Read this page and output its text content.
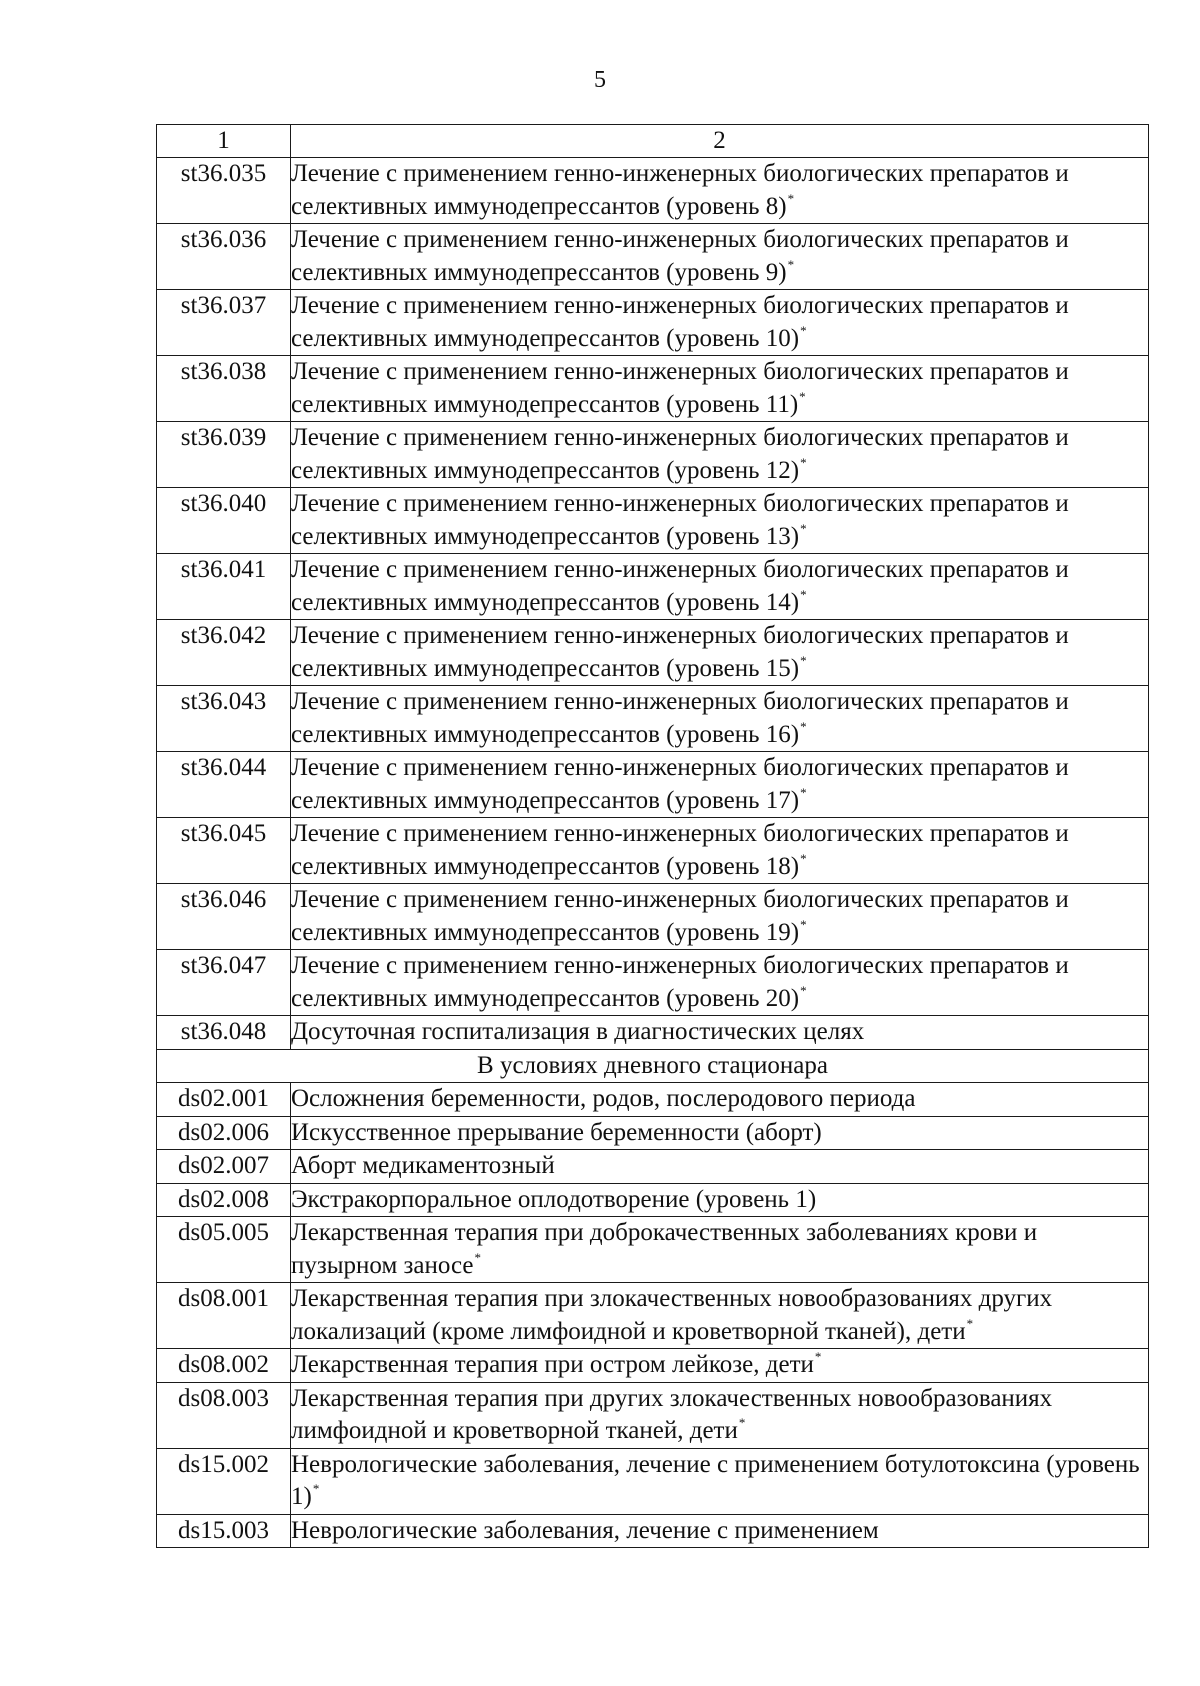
5
1	2
st36.035	Лечение с применением генно-инженерных биологических препаратов и селективных иммунодепрессантов (уровень 8)*
st36.036	Лечение с применением генно-инженерных биологических препаратов и селективных иммунодепрессантов (уровень 9)*
st36.037	Лечение с применением генно-инженерных биологических препаратов и селективных иммунодепрессантов (уровень 10)*
st36.038	Лечение с применением генно-инженерных биологических препаратов и селективных иммунодепрессантов (уровень 11)*
st36.039	Лечение с применением генно-инженерных биологических препаратов и селективных иммунодепрессантов (уровень 12)*
st36.040	Лечение с применением генно-инженерных биологических препаратов и селективных иммунодепрессантов (уровень 13)*
st36.041	Лечение с применением генно-инженерных биологических препаратов и селективных иммунодепрессантов (уровень 14)*
st36.042	Лечение с применением генно-инженерных биологических препаратов и селективных иммунодепрессантов (уровень 15)*
st36.043	Лечение с применением генно-инженерных биологических препаратов и селективных иммунодепрессантов (уровень 16)*
st36.044	Лечение с применением генно-инженерных биологических препаратов и селективных иммунодепрессантов (уровень 17)*
st36.045	Лечение с применением генно-инженерных биологических препаратов и селективных иммунодепрессантов (уровень 18)*
st36.046	Лечение с применением генно-инженерных биологических препаратов и селективных иммунодепрессантов (уровень 19)*
st36.047	Лечение с применением генно-инженерных биологических препаратов и селективных иммунодепрессантов (уровень 20)*
st36.048	Досуточная госпитализация в диагностических целях
В условиях дневного стационара	
ds02.001	Осложнения беременности, родов, послеродового периода
ds02.006	Искусственное прерывание беременности (аборт)
ds02.007	Аборт медикаментозный
ds02.008	Экстракорпоральное оплодотворение (уровень 1)
ds05.005	Лекарственная терапия при доброкачественных заболеваниях крови и пузырном заносе*
ds08.001	Лекарственная терапия при злокачественных новообразованиях других локализаций (кроме лимфоидной и кроветворной тканей), дети*
ds08.002	Лекарственная терапия при остром лейкозе, дети*
ds08.003	Лекарственная терапия при других злокачественных новообразованиях лимфоидной и кроветворной тканей, дети*
ds15.002	Неврологические заболевания, лечение с применением ботулотоксина (уровень 1)*
ds15.003	Неврологические заболевания, лечение с применением
